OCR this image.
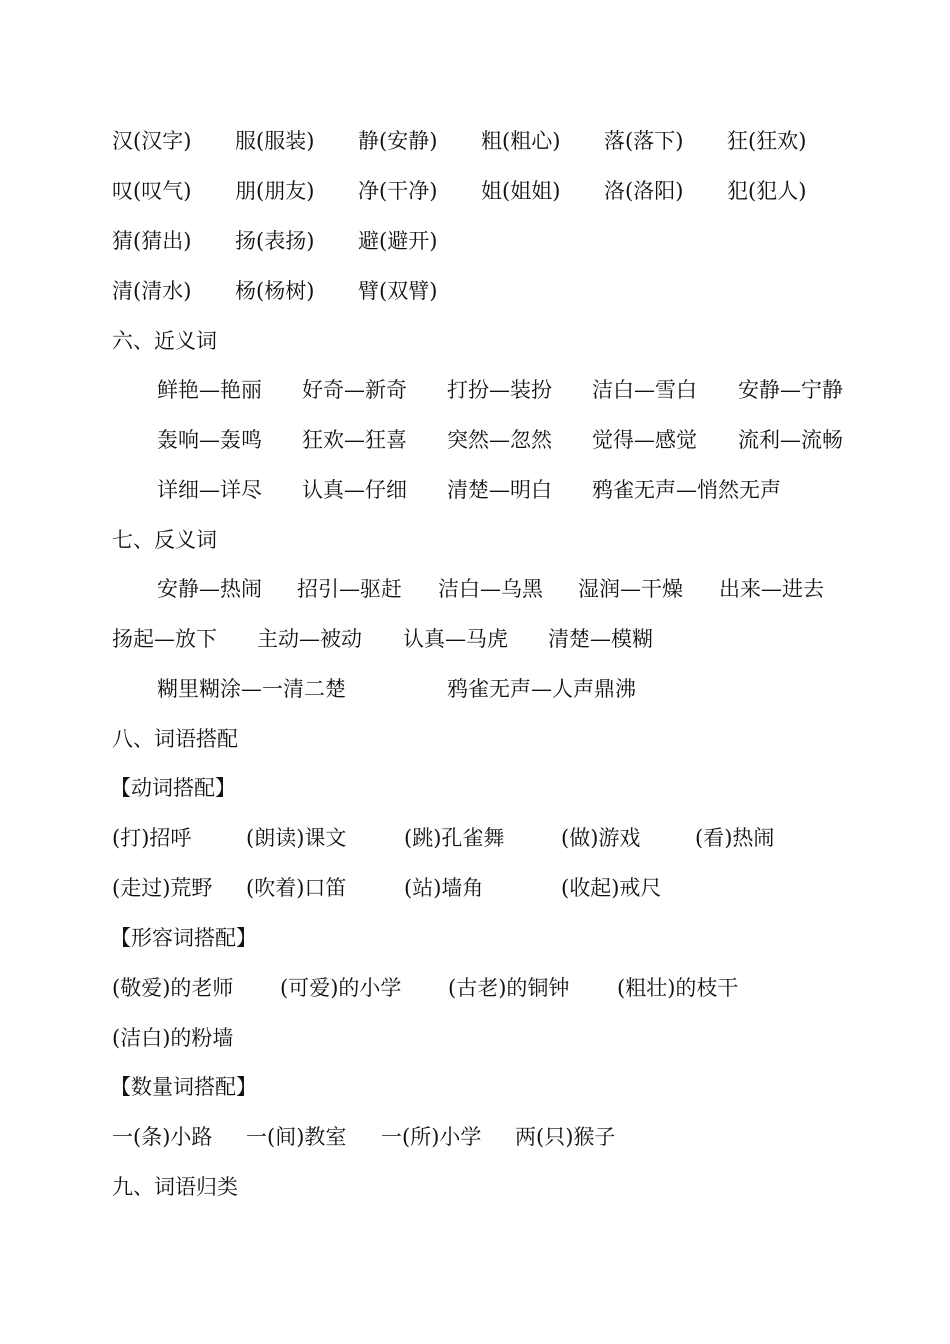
汉(汉字) 服(服装) 静(安静) 粗(粗心) 落(落下) 狂(狂欢)
叹(叹气) 朋(朋友) 净(干净) 姐(姐姐) 洛(洛阳) 犯(犯人)
猜(猜出) 扬(表扬) 避(避开)
清(清水) 杨(杨树) 臂(双臂)
六、近义词
鲜艳—艳丽 好奇—新奇 打扮—装扮 洁白—雪白 安静—宁静
轰响—轰鸣 狂欢—狂喜 突然—忽然 觉得—感觉 流利—流畅
详细—详尽 认真—仔细 清楚—明白 鸦雀无声—悄然无声
七、反义词
安静—热闹 招引—驱赶 洁白—乌黑 湿润—干燥 出来—进去
扬起—放下 主动—被动 认真—马虎 清楚—模糊
糊里糊涂—一清二楚	鸦雀无声—人声鼎沸
八、词语搭配
【动词搭配】
(打)招呼	(朗读)课文	(跳)孔雀舞	(做)游戏	(看)热闹
(走过)荒野 (吹着)口笛	(站)墙角	(收起)戒尺
【形容词搭配】
(敬爱)的老师 (可爱)的小学 (古老)的铜钟 (粗壮)的枝干
(洁白)的粉墙
【数量词搭配】
一(条)小路 一(间)教室 一(所)小学 两(只)猴子
九、词语归类
